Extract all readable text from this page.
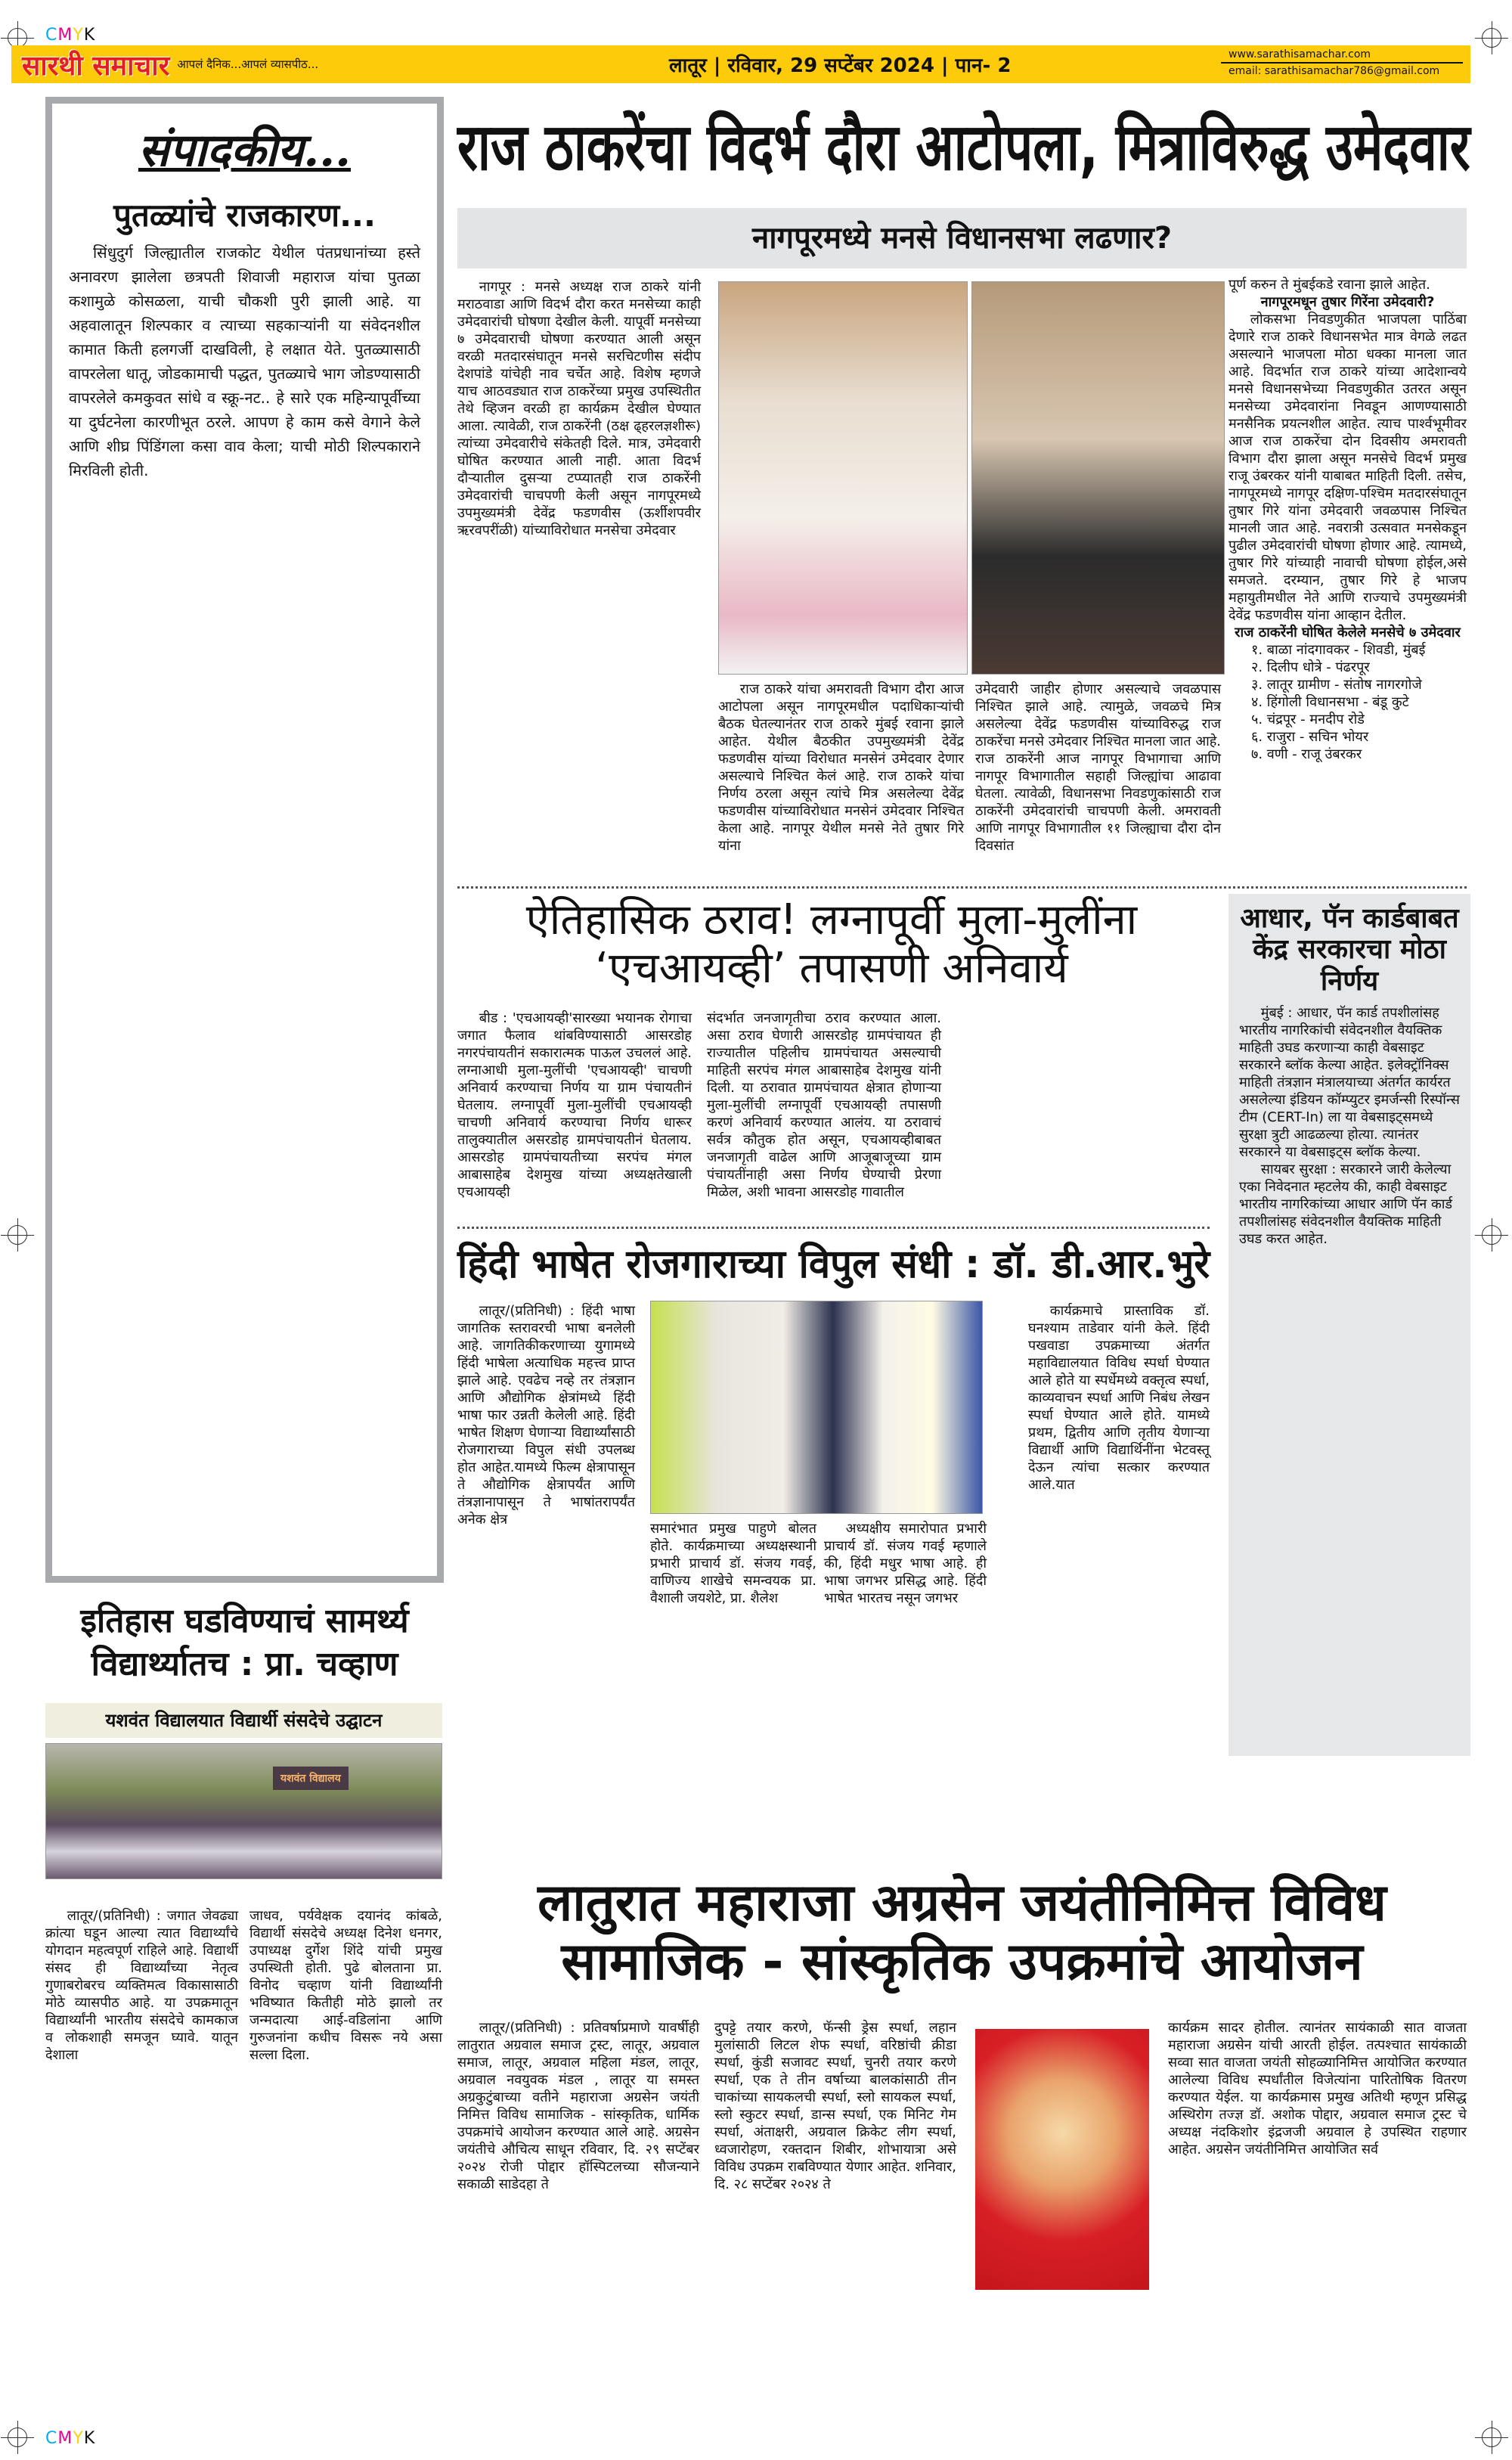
CMYK
CMYK
सारथी समाचार आपलं दैनिक...आपलं व्यासपीठ...	लातूर | रविवार, 29 सप्टेंबर 2024 | पान- 2	www.sarathisamachar.com
email: sarathisamachar786@gmail.com
संपादकीय...
पुतळ्यांचे राजकारण...

सिंधुदुर्ग जिल्ह्यातील राजकोट येथील पंतप्रधानांच्या हस्ते अनावरण झालेला छत्रपती शिवाजी महाराज यांचा पुतळा कशामुळे कोसळला, याची चौकशी पुरी झाली आहे. या अहवालातून शिल्पकार व त्याच्या सहकाऱ्यांनी या संवेदनशील कामात किती हलगर्जी दाखविली, हे लक्षात येते. पुतळ्यासाठी वापरलेला धातू, जोडकामाची पद्धत, पुतळ्याचे भाग जोडण्यासाठी वापरलेले कमकुवत सांधे व स्क्रू-नट.. हे सारे एक महिन्यापूर्वीच्या या दुर्घटनेला कारणीभूत ठरले. आपण हे काम कसे वेगाने केले आणि शीघ्र पिंडिंगला कसा वाव केला; याची मोठी शिल्पकाराने मिरविली होती.

राज ठाकरेंचा विदर्भ दौरा आटोपला, मित्राविरुद्ध उमेदवार
नागपूरमध्ये मनसे विधानसभा लढणार?

नागपूर : मनसे अध्यक्ष राज ठाकरे यांनी मराठवाडा आणि विदर्भ दौरा करत मनसेच्या काही उमेदवारांची घोषणा देखील केली. यापूर्वी मनसेच्या ७ उमेदवाराची घोषणा करण्यात आली असून वरळी मतदारसंघातून मनसे सरचिटणीस संदीप देशपांडे यांचेही नाव चर्चेत आहे. विशेष म्हणजे याच आठवड्यात राज ठाकरेंच्या प्रमुख उपस्थितीत तेथे व्हिजन वरळी हा कार्यक्रम देखील घेण्यात आला. त्यावेळी, राज ठाकरेंनी (ठक्ष ढ्हरलज्ञशीरू) त्यांच्या उमेदवारीचे संकेतही दिले. मात्र, उमेदवारी घोषित करण्यात आली नाही. आता विदर्भ दौऱ्यातील दुसऱ्या टप्प्यातही राज ठाकरेंनी उमेदवारांची चाचपणी केली असून नागपूरमध्ये उपमुख्यमंत्री देवेंद्र फडणवीस (ऊर्शीशपवीर ऋरवपरींळी) यांच्याविरोधात मनसेचा उमेदवार

राज ठाकरे यांचा अमरावती विभाग दौरा आज आटोपला असून नागपूरमधील पदाधिकाऱ्यांची बैठक घेतल्यानंतर राज ठाकरे मुंबई रवाना झाले आहेत. येथील बैठकीत उपमुख्यमंत्री देवेंद्र फडणवीस यांच्या विरोधात मनसेनं उमेदवार देणार असल्याचे निश्चित केलं आहे. राज ठाकरे यांचा निर्णय ठरला असून त्यांचे मित्र असलेल्या देवेंद्र फडणवीस यांच्याविरोधात मनसेनं उमेदवार निश्चित केला आहे. नागपूर येथील मनसे नेते तुषार गिरे यांना

उमेदवारी जाहीर होणार असल्याचे जवळपास निश्चित झाले आहे. त्यामुळे, जवळचे मित्र असलेल्या देवेंद्र फडणवीस यांच्याविरुद्ध राज ठाकरेंचा मनसे उमेदवार निश्चित मानला जात आहे. राज ठाकरेंनी आज नागपूर विभागाचा आणि नागपूर विभागातील सहाही जिल्ह्यांचा आढावा घेतला. त्यावेळी, विधानसभा निवडणुकांसाठी राज ठाकरेंनी उमेदवारांची चाचपणी केली. अमरावती आणि नागपूर विभागातील ११ जिल्ह्याचा दौरा दोन दिवसांत

पूर्ण करुन ते मुंबईकडे रवाना झाले आहेत.
नागपूरमधून तुषार गिरेंना उमेदवारी?

लोकसभा निवडणुकीत भाजपला पाठिंबा देणारे राज ठाकरे विधानसभेत मात्र वेगळे लढत असल्याने भाजपला मोठा धक्का मानला जात आहे. विदर्भात राज ठाकरे यांच्या आदेशान्वये मनसे विधानसभेच्या निवडणुकीत उतरत असून मनसेच्या उमेदवारांना निवडून आणण्यासाठी मनसैनिक प्रयत्नशील आहेत. त्याच पार्श्वभूमीवर आज राज ठाकरेंचा दोन दिवसीय अमरावती विभाग दौरा झाला असून मनसेचे विदर्भ प्रमुख राजू उंबरकर यांनी याबाबत माहिती दिली. तसेच, नागपूरमध्ये नागपूर दक्षिण-पश्चिम मतदारसंघातून तुषार गिरे यांना उमेदवारी जवळपास निश्चित मानली जात आहे. नवरात्री उत्सवात मनसेकडून पुढील उमेदवारांची घोषणा होणार आहे. त्यामध्ये, तुषार गिरे यांच्याही नावाची घोषणा होईल,असे समजते. दरम्यान, तुषार गिरे हे भाजप महायुतीमधील नेते आणि राज्याचे उपमुख्यमंत्री देवेंद्र फडणवीस यांना आव्हान देतील.

राज ठाकरेंनी घोषित केलेले मनसेचे ७ उमेदवार
१. बाळा नांदगावकर - शिवडी, मुंबई
२. दिलीप धोत्रे - पंढरपूर
३. लातूर ग्रामीण - संतोष नागरगोजे
४. हिंगोली विधानसभा - बंडू कुटे
५. चंद्रपूर - मनदीप रोडे
६. राजुरा - सचिन भोयर
७. वणी - राजू उंबरकर
ऐतिहासिक ठराव! लग्नापूर्वी मुला-मुलींना ‘एचआयव्ही’ तपासणी अनिवार्य

बीड : 'एचआयव्ही'सारख्या भयानक रोगाचा जगात फैलाव थांबविण्यासाठी आसरडोह नगरपंचायतीनं सकारात्मक पाऊल उचललं आहे. लग्नाआधी मुला-मुलींची 'एचआयव्ही' चाचणी अनिवार्य करण्याचा निर्णय या ग्राम पंचायतीनं घेतलाय. लग्नापूर्वी मुला-मुलींची एचआयव्ही चाचणी अनिवार्य करण्याचा निर्णय धारूर तालुक्यातील असरडोह ग्रामपंचायतीनं घेतलाय. आसरडोह ग्रामपंचायतीच्या सरपंच मंगल आबासाहेब देशमुख यांच्या अध्यक्षतेखाली एचआयव्ही

संदर्भात जनजागृतीचा ठराव करण्यात आला. असा ठराव घेणारी आसरडोह ग्रामपंचायत ही राज्यातील पहिलीच ग्रामपंचायत असल्याची माहिती सरपंच मंगल आबासाहेब देशमुख यांनी दिली. या ठरावात ग्रामपंचायत क्षेत्रात होणाऱ्या मुला-मुलींची लग्नापूर्वी एचआयव्ही तपासणी करणं अनिवार्य करण्यात आलंय. या ठरावाचं सर्वत्र कौतुक होत असून, एचआयव्हीबाबत जनजागृती वाढेल आणि आजूबाजूच्या ग्राम पंचायतींनाही असा निर्णय घेण्याची प्रेरणा मिळेल, अशी भावना आसरडोह गावातील

आधार, पॅन कार्डबाबत केंद्र सरकारचा मोठा निर्णय

मुंबई : आधार, पॅन कार्ड तपशीलांसह भारतीय नागरिकांची संवेदनशील वैयक्तिक माहिती उघड करणाऱ्या काही वेबसाइट सरकारने ब्लॉक केल्या आहेत. इलेक्ट्रॉनिक्स माहिती तंत्रज्ञान मंत्रालयाच्या अंतर्गत कार्यरत असलेल्या इंडियन कॉम्प्युटर इमर्जन्सी रिस्पॉन्स टीम (CERT-In) ला या वेबसाइट्समध्ये सुरक्षा त्रुटी आढळल्या होत्या. त्यानंतर सरकारने या वेबसाइट्स ब्लॉक केल्या.

सायबर सुरक्षा : सरकारने जारी केलेल्या एका निवेदनात म्हटलेय की, काही वेबसाइट भारतीय नागरिकांच्या आधार आणि पॅन कार्ड तपशीलांसह संवेदनशील वैयक्तिक माहिती उघड करत आहेत.

हिंदी भाषेत रोजगाराच्या विपुल संधी : डॉ. डी.आर.भुरे

लातूर/(प्रतिनिधी) : हिंदी भाषा जागतिक स्तरावरची भाषा बनलेली आहे. जागतिकीकरणाच्या युगामध्ये हिंदी भाषेला अत्याधिक महत्त्व प्राप्त झाले आहे. एवढेच नव्हे तर तंत्रज्ञान आणि औद्योगिक क्षेत्रांमध्ये हिंदी भाषा फार उन्नती केलेली आहे. हिंदी भाषेत शिक्षण घेणाऱ्या विद्यार्थ्यांसाठी रोजगाराच्या विपुल संधी उपलब्ध होत आहेत.यामध्ये फिल्म क्षेत्रापासून ते औद्योगिक क्षेत्रापर्यंत आणि तंत्रज्ञानापासून ते भाषांतरापर्यंत अनेक क्षेत्र

समारंभात प्रमुख पाहुणे बोलत होते. कार्यक्रमाच्या अध्यक्षस्थानी प्रभारी प्राचार्य डॉ. संजय गवई, वाणिज्य शाखेचे समन्वयक प्रा. वैशाली जयशेटे, प्रा. शैलेश

अध्यक्षीय समारोपात प्रभारी प्राचार्य डॉ. संजय गवई म्हणाले की, हिंदी मधुर भाषा आहे. ही भाषा जगभर प्रसिद्ध आहे. हिंदी भाषेत भारतच नसून जगभर

कार्यक्रमाचे प्रास्ताविक डॉ. घनश्याम ताडेवार यांनी केले. हिंदी पखवाडा उपक्रमाच्या अंतर्गत महाविद्यालयात विविध स्पर्धा घेण्यात आले होते या स्पर्धेमध्ये वक्तृत्व स्पर्धा, काव्यवाचन स्पर्धा आणि निबंध लेखन स्पर्धा घेण्यात आले होते. यामध्ये प्रथम, द्वितीय आणि तृतीय येणाऱ्या विद्यार्थी आणि विद्यार्थिनींना भेटवस्तू देऊन त्यांचा सत्कार करण्यात आले.यात

इतिहास घडविण्याचं सामर्थ्य विद्यार्थ्यातच : प्रा. चव्हाण
यशवंत विद्यालयात विद्यार्थी संसदेचे उद्घाटन
यशवंत विद्यालय

लातूर/(प्रतिनिधी) : जगात जेवढ्या क्रांत्या घडून आल्या त्यात विद्यार्थ्यांचे योगदान महत्वपूर्ण राहिले आहे. विद्यार्थी संसद ही विद्यार्थ्यांच्या नेतृत्व गुणाबरोबरच व्यक्तिमत्व विकासासाठी मोठे व्यासपीठ आहे. या उपक्रमातून विद्यार्थ्यांनी भारतीय संसदेचे कामकाज व लोकशाही समजून घ्यावे. यातून देशाला

जाधव, पर्यवेक्षक दयानंद कांबळे, विद्यार्थी संसदेचे अध्यक्ष दिनेश धनगर, उपाध्यक्ष दुर्गेश शिंदे यांची प्रमुख उपस्थिती होती. पुढे बोलताना प्रा. विनोद चव्हाण यांनी विद्यार्थ्यांनी भविष्यात कितीही मोठे झालो तर जन्मदात्या आई-वडिलांना आणि गुरुजनांना कधीच विसरू नये असा सल्ला दिला.

लातुरात महाराजा अग्रसेन जयंतीनिमित्त विविध सामाजिक - सांस्कृतिक उपक्रमांचे आयोजन

लातूर/(प्रतिनिधी) : प्रतिवर्षाप्रमाणे यावर्षीही लातुरात अग्रवाल समाज ट्रस्ट, लातूर, अग्रवाल समाज, लातूर, अग्रवाल महिला मंडल, लातूर, अग्रवाल नवयुवक मंडल , लातूर या समस्त अग्रकुटुंबाच्या वतीने महाराजा अग्रसेन जयंती निमित्त विविध सामाजिक - सांस्कृतिक, धार्मिक उपक्रमांचे आयोजन करण्यात आले आहे. अग्रसेन जयंतीचे औचित्य साधून रविवार, दि. २९ सप्टेंबर २०२४ रोजी पोद्दार हॉस्पिटलच्या सौजन्याने सकाळी साडेदहा ते

दुपट्टे तयार करणे, फॅन्सी ड्रेस स्पर्धा, लहान मुलांसाठी लिटल शेफ स्पर्धा, वरिष्ठांची क्रीडा स्पर्धा, कुंडी सजावट स्पर्धा, चुनरी तयार करणे स्पर्धा, एक ते तीन वर्षाच्या बालकांसाठी तीन चाकांच्या सायकलची स्पर्धा, स्लो सायकल स्पर्धा, स्लो स्कुटर स्पर्धा, डान्स स्पर्धा, एक मिनिट गेम स्पर्धा, अंताक्षरी, अग्रवाल क्रिकेट लीग स्पर्धा, ध्वजारोहण, रक्तदान शिबीर, शोभायात्रा असे विविध उपक्रम राबविण्यात येणार आहेत. शनिवार, दि. २८ सप्टेंबर २०२४ ते

कार्यक्रम सादर होतील. त्यानंतर सायंकाळी सात वाजता महाराजा अग्रसेन यांची आरती होईल. तत्पश्चात सायंकाळी सव्वा सात वाजता जयंती सोहळ्यानिमित्त आयोजित करण्यात आलेल्या विविध स्पर्धांतील विजेत्यांना पारितोषिक वितरण करण्यात येईल. या कार्यक्रमास प्रमुख अतिथी म्हणून प्रसिद्ध अस्थिरोग तज्ज्ञ डॉ. अशोक पोद्दार, अग्रवाल समाज ट्रस्ट चे अध्यक्ष नंदकिशोर इंद्रजजी अग्रवाल हे उपस्थित राहणार आहेत. अग्रसेन जयंतीनिमित्त आयोजित सर्व
